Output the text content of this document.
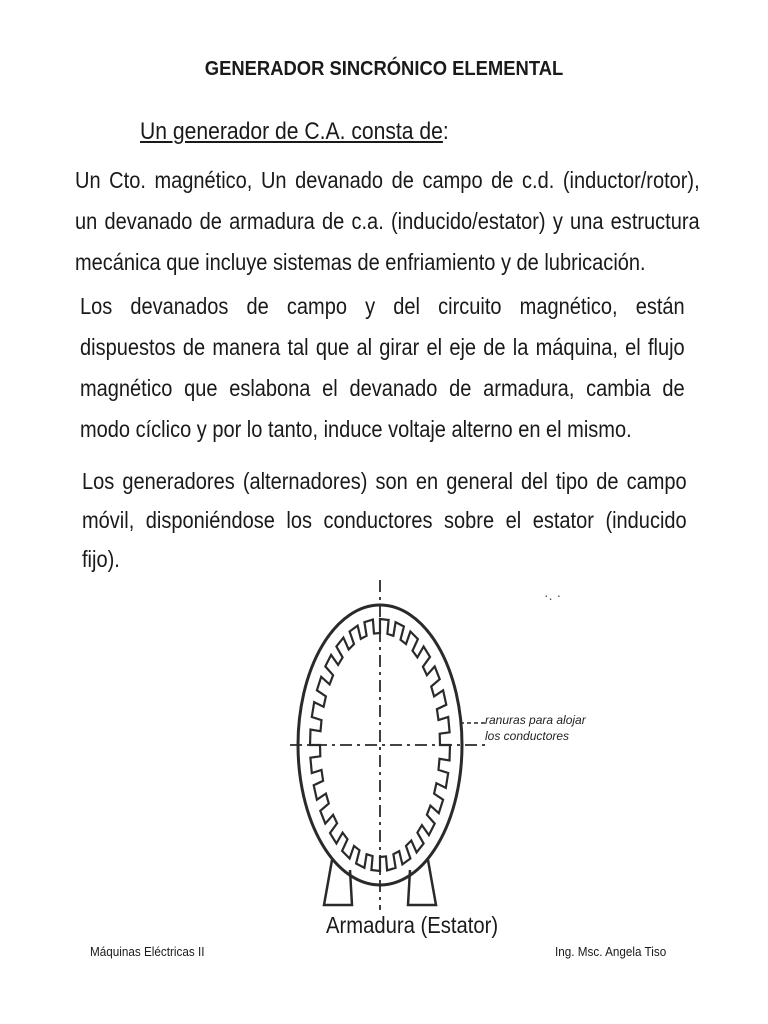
GENERADOR SINCRÓNICO ELEMENTAL
Un generador de C.A. consta de:
Un Cto. magnético, Un devanado de campo de c.d. (inductor/rotor), un devanado de armadura de c.a. (inducido/estator) y una estructura mecánica que incluye sistemas de enfriamiento y de lubricación.
Los devanados de campo y del circuito magnético, están dispuestos de manera tal que al girar el eje de la máquina, el flujo magnético que eslabona el devanado de armadura, cambia de modo cíclico y por lo tanto, induce voltaje alterno en el mismo.
Los generadores (alternadores) son en general del tipo de campo móvil, disponiéndose los conductores sobre el estator (inducido fijo).
·. ·
ranuras para alojar
los conductores
Armadura (Estator)
Máquinas Eléctricas II	Ing. Msc. Angela Tiso
